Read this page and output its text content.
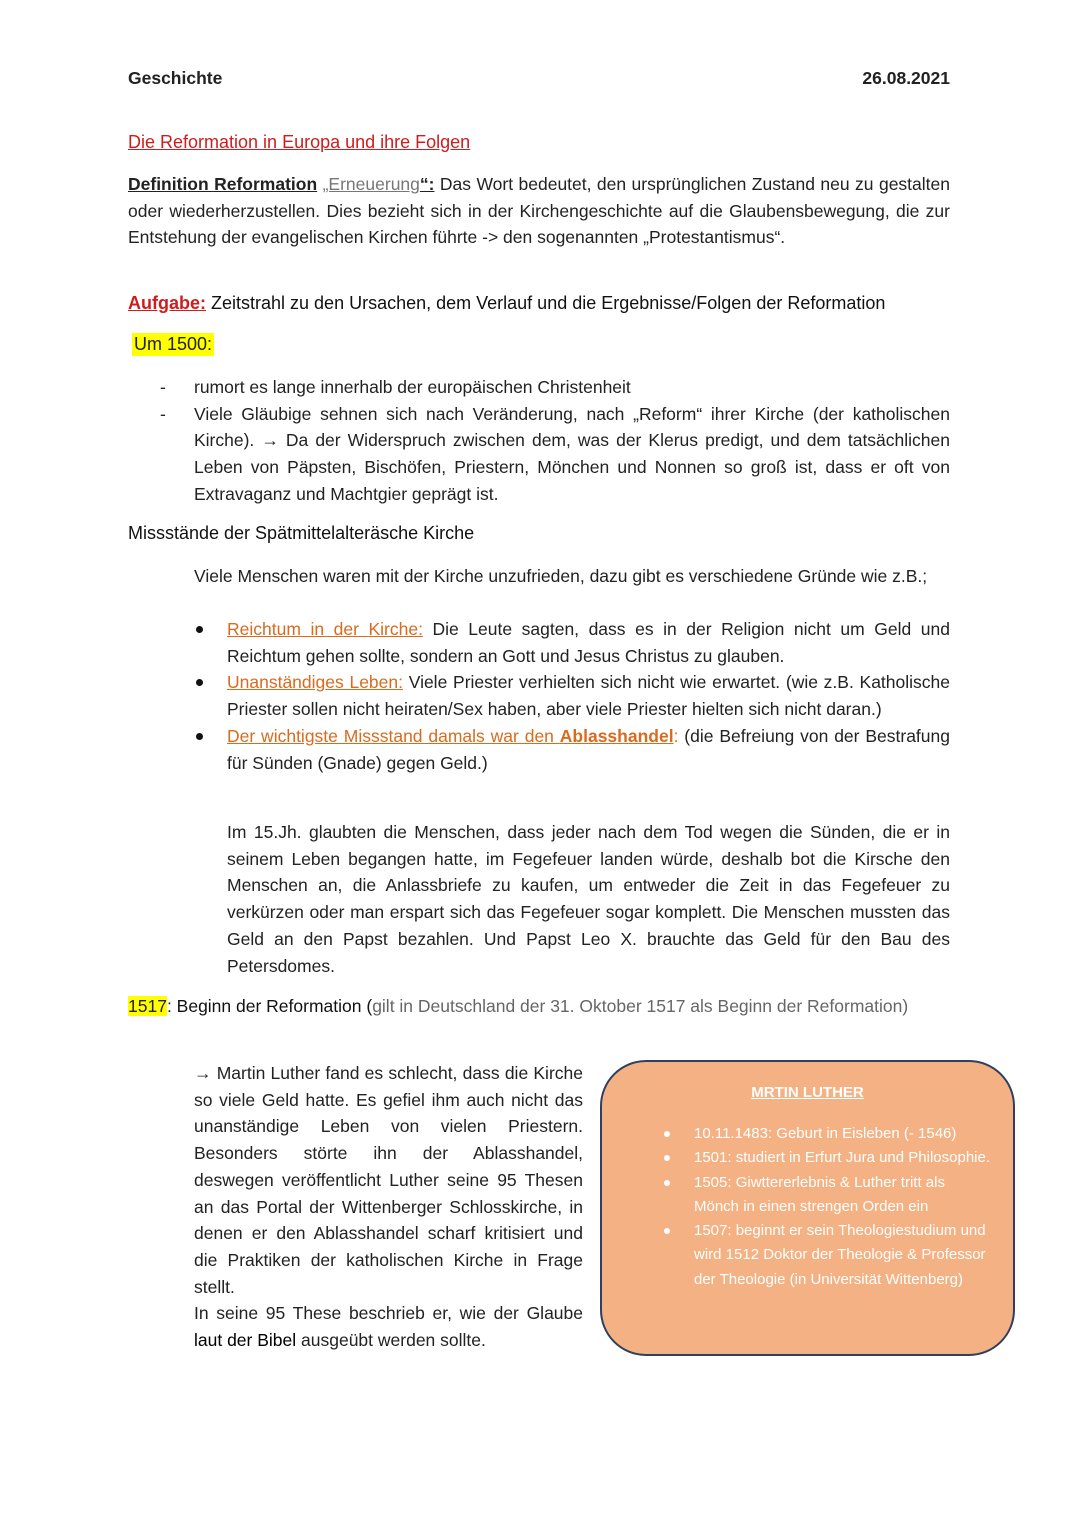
Geschichte	26.08.2021
Die Reformation in Europa und ihre Folgen
Definition Reformation „Erneuerung“: Das Wort bedeutet, den ursprünglichen Zustand neu zu gestalten oder wiederherzustellen. Dies bezieht sich in der Kirchengeschichte auf die Glaubensbewegung, die zur Entstehung der evangelischen Kirchen führte -> den sogenannten „Protestantismus“.
Aufgabe: Zeitstrahl zu den Ursachen, dem Verlauf und die Ergebnisse/Folgen der Reformation
Um 1500:
- rumort es lange innerhalb der europäischen Christenheit
- Viele Gläubige sehnen sich nach Veränderung, nach „Reform“ ihrer Kirche (der katholischen Kirche). → Da der Widerspruch zwischen dem, was der Klerus predigt, und dem tatsächlichen Leben von Päpsten, Bischöfen, Priestern, Mönchen und Nonnen so groß ist, dass er oft von Extravaganz und Machtgier geprägt ist.
Missstände der Spätmittelalteräsche Kirche
Viele Menschen waren mit der Kirche unzufrieden, dazu gibt es verschiedene Gründe wie z.B.;
Reichtum in der Kirche: Die Leute sagten, dass es in der Religion nicht um Geld und Reichtum gehen sollte, sondern an Gott und Jesus Christus zu glauben.
Unanständiges Leben: Viele Priester verhielten sich nicht wie erwartet. (wie z.B. Katholische Priester sollen nicht heiraten/Sex haben, aber viele Priester hielten sich nicht daran.)
Der wichtigste Missstand damals war den Ablasshandel: (die Befreiung von der Bestrafung für Sünden (Gnade) gegen Geld.)
Im 15.Jh. glaubten die Menschen, dass jeder nach dem Tod wegen die Sünden, die er in seinem Leben begangen hatte, im Fegefeuer landen würde, deshalb bot die Kirsche den Menschen an, die Anlassbriefe zu kaufen, um entweder die Zeit in das Fegefeuer zu verkürzen oder man erspart sich das Fegefeuer sogar komplett. Die Menschen mussten das Geld an den Papst bezahlen. Und Papst Leo X. brauchte das Geld für den Bau des Petersdomes.
1517: Beginn der Reformation (gilt in Deutschland der 31. Oktober 1517 als Beginn der Reformation)
→ Martin Luther fand es schlecht, dass die Kirche so viele Geld hatte. Es gefiel ihm auch nicht das unanständige Leben von vielen Priestern. Besonders störte ihn der Ablasshandel, deswegen veröffentlicht Luther seine 95 Thesen an das Portal der Wittenberger Schlosskirche, in denen er den Ablasshandel scharf kritisiert und die Praktiken der katholischen Kirche in Frage stellt.
In seine 95 These beschrieb er, wie der Glaube laut der Bibel ausgeübt werden sollte.
MRTIN LUTHER
10.11.1483: Geburt in Eisleben (- 1546)
1501: studiert in Erfurt Jura und Philosophie.
1505: Giwttererlebnis & Luther tritt als Mönch in einen strengen Orden ein
1507: beginnt er sein Theologiestudium und wird 1512 Doktor der Theologie & Professor der Theologie (in Universität Wittenberg)
